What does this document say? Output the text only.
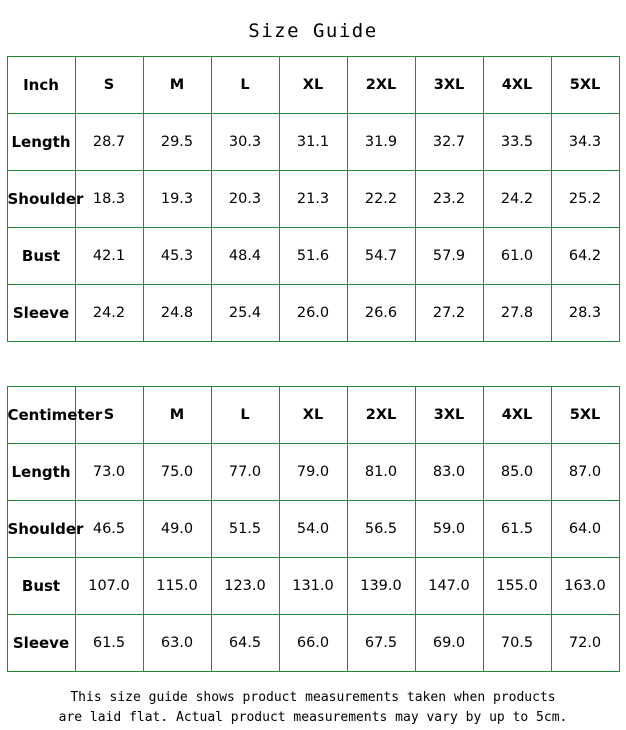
Size Guide
Inch	S	M	L	XL	2XL	3XL	4XL	5XL
Length	28.7	29.5	30.3	31.1	31.9	32.7	33.5	34.3
Shoulder	18.3	19.3	20.3	21.3	22.2	23.2	24.2	25.2
Bust	42.1	45.3	48.4	51.6	54.7	57.9	61.0	64.2
Sleeve	24.2	24.8	25.4	26.0	26.6	27.2	27.8	28.3
Centimeter	S	M	L	XL	2XL	3XL	4XL	5XL
Length	73.0	75.0	77.0	79.0	81.0	83.0	85.0	87.0
Shoulder	46.5	49.0	51.5	54.0	56.5	59.0	61.5	64.0
Bust	107.0	115.0	123.0	131.0	139.0	147.0	155.0	163.0
Sleeve	61.5	63.0	64.5	66.0	67.5	69.0	70.5	72.0
This size guide shows product measurements taken when products
are laid flat. Actual product measurements may vary by up to 5cm.
